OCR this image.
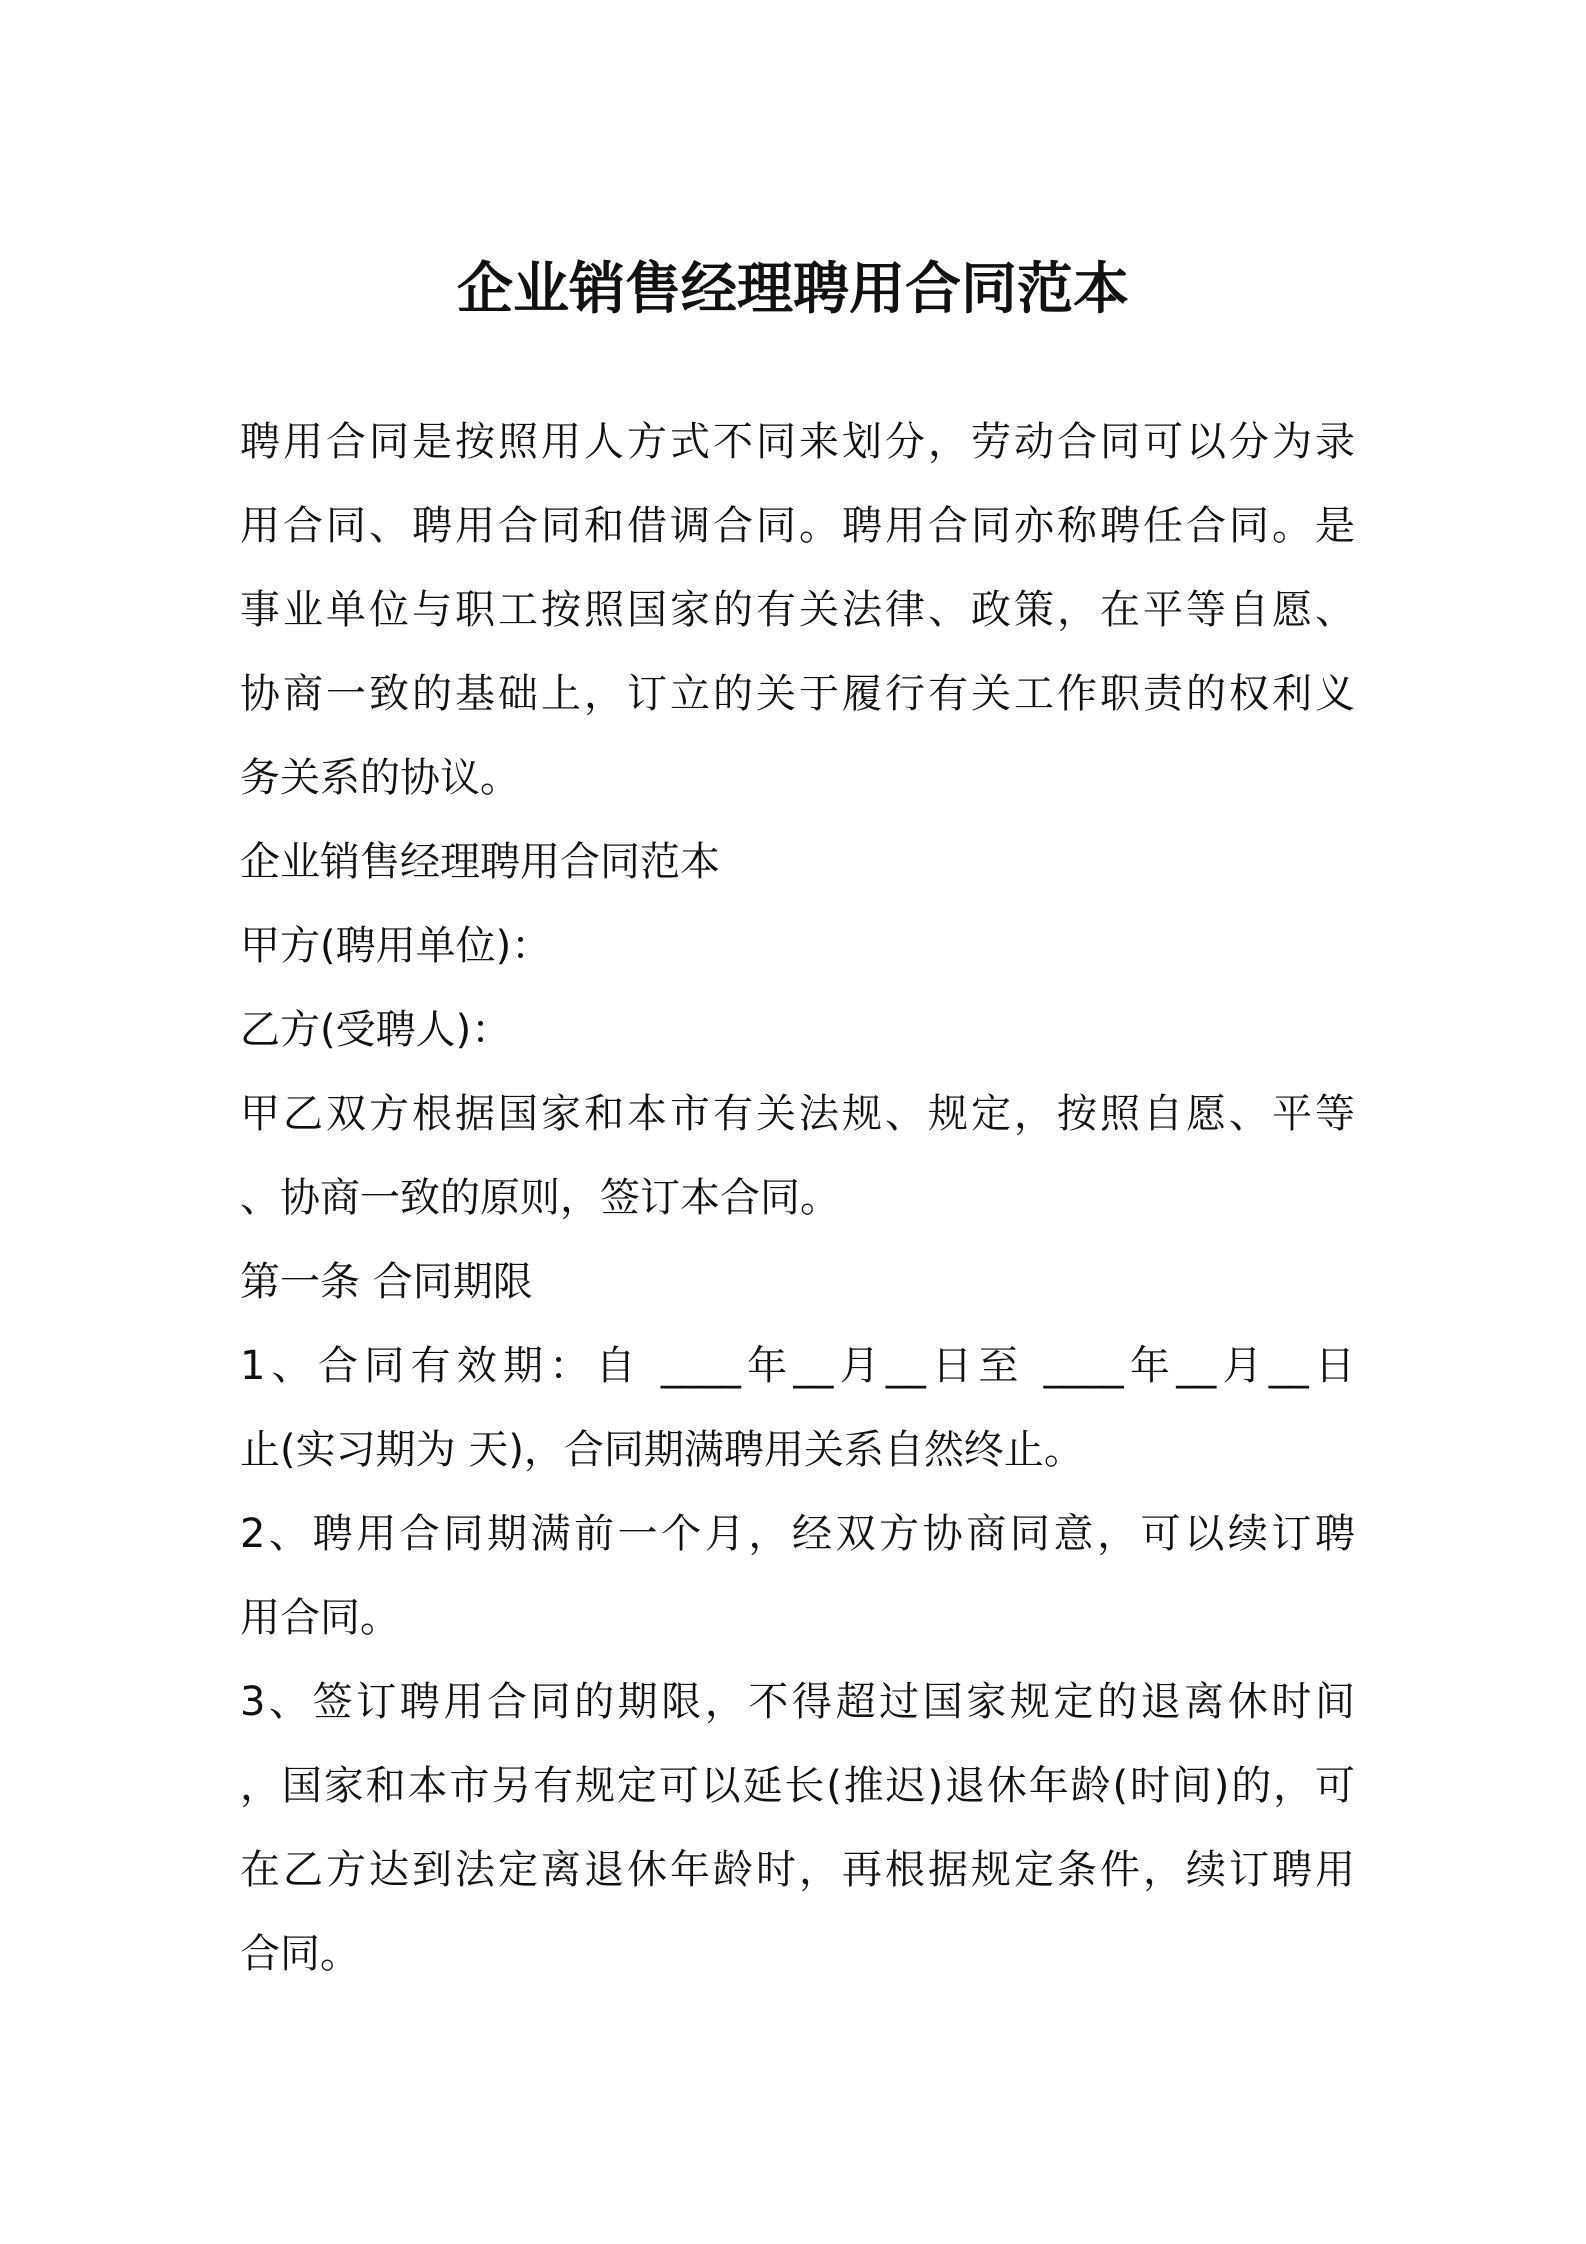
企业销售经理聘用合同范本
聘用合同是按照用人方式不同来划分，劳动合同可以分为录
用合同、聘用合同和借调合同。聘用合同亦称聘任合同。是
事业单位与职工按照国家的有关法律、政策，在平等自愿、
协商一致的基础上，订立的关于履行有关工作职责的权利义
务关系的协议。
企业销售经理聘用合同范本
甲方(聘用单位)：
乙方(受聘人)：
甲乙双方根据国家和本市有关法规、规定，按照自愿、平等
、协商一致的原则，签订本合同。
第一条 合同期限
1、合同有效期：自 ____年__月__日至 ____年__月__日
止(实习期为 天)，合同期满聘用关系自然终止。
2、聘用合同期满前一个月，经双方协商同意，可以续订聘
用合同。
3、签订聘用合同的期限，不得超过国家规定的退离休时间
，国家和本市另有规定可以延长(推迟)退休年龄(时间)的，可
在乙方达到法定离退休年龄时，再根据规定条件，续订聘用
合同。
